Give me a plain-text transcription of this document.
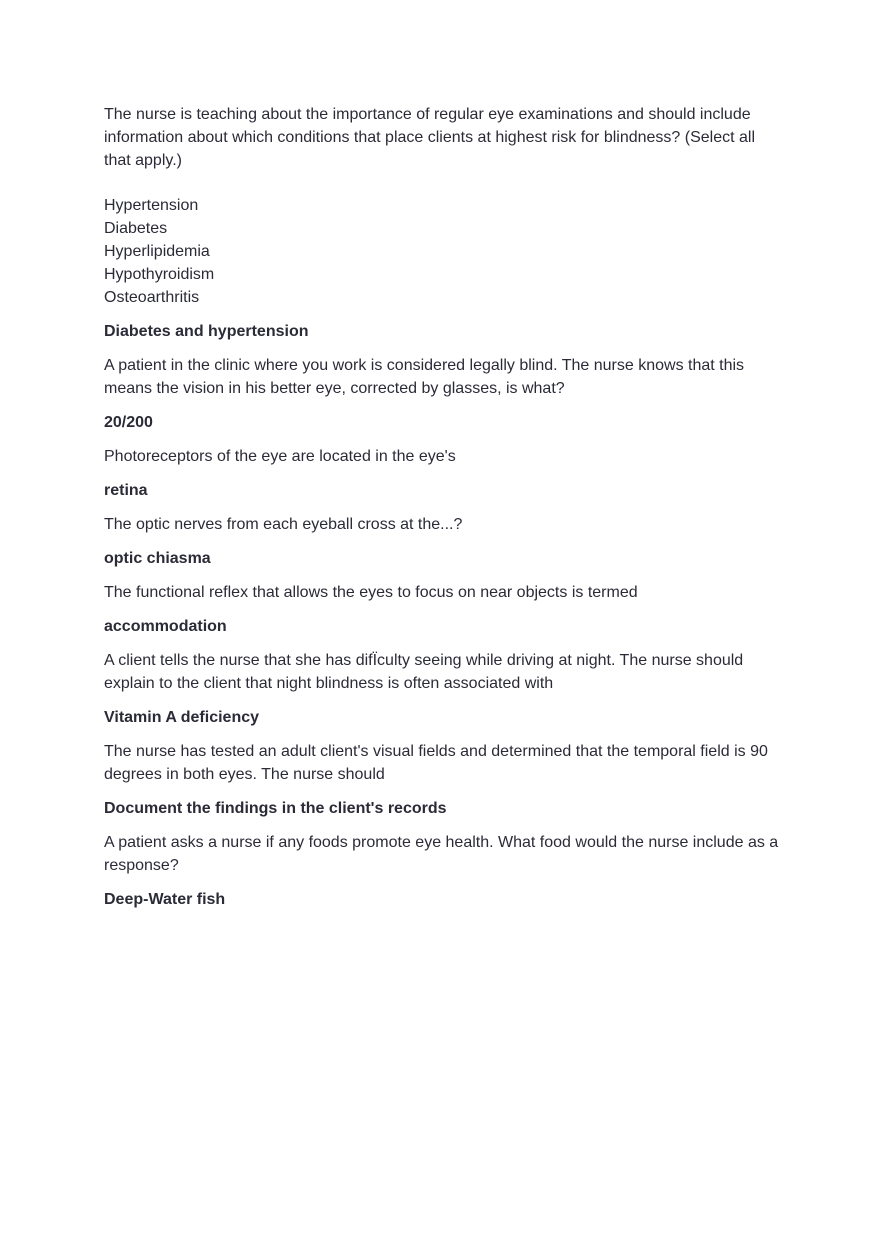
The nurse is teaching about the importance of regular eye examinations and should include information about which conditions that place clients at highest risk for blindness? (Select all that apply.)

Hypertension
Diabetes
Hyperlipidemia
Hypothyroidism
Osteoarthritis

Diabetes and hypertension

A patient in the clinic where you work is considered legally blind. The nurse knows that this means the vision in his better eye, corrected by glasses, is what?

20/200

Photoreceptors of the eye are located in the eye's

retina

The optic nerves from each eyeball cross at the...?

optic chiasma

The functional reflex that allows the eyes to focus on near objects is termed

accommodation

A client tells the nurse that she has difÏculty seeing while driving at night. The nurse should explain to the client that night blindness is often associated with

Vitamin A deficiency

The nurse has tested an adult client's visual fields and determined that the temporal field is 90 degrees in both eyes. The nurse should

Document the findings in the client's records

A patient asks a nurse if any foods promote eye health. What food would the nurse include as a response?

Deep-Water fish
